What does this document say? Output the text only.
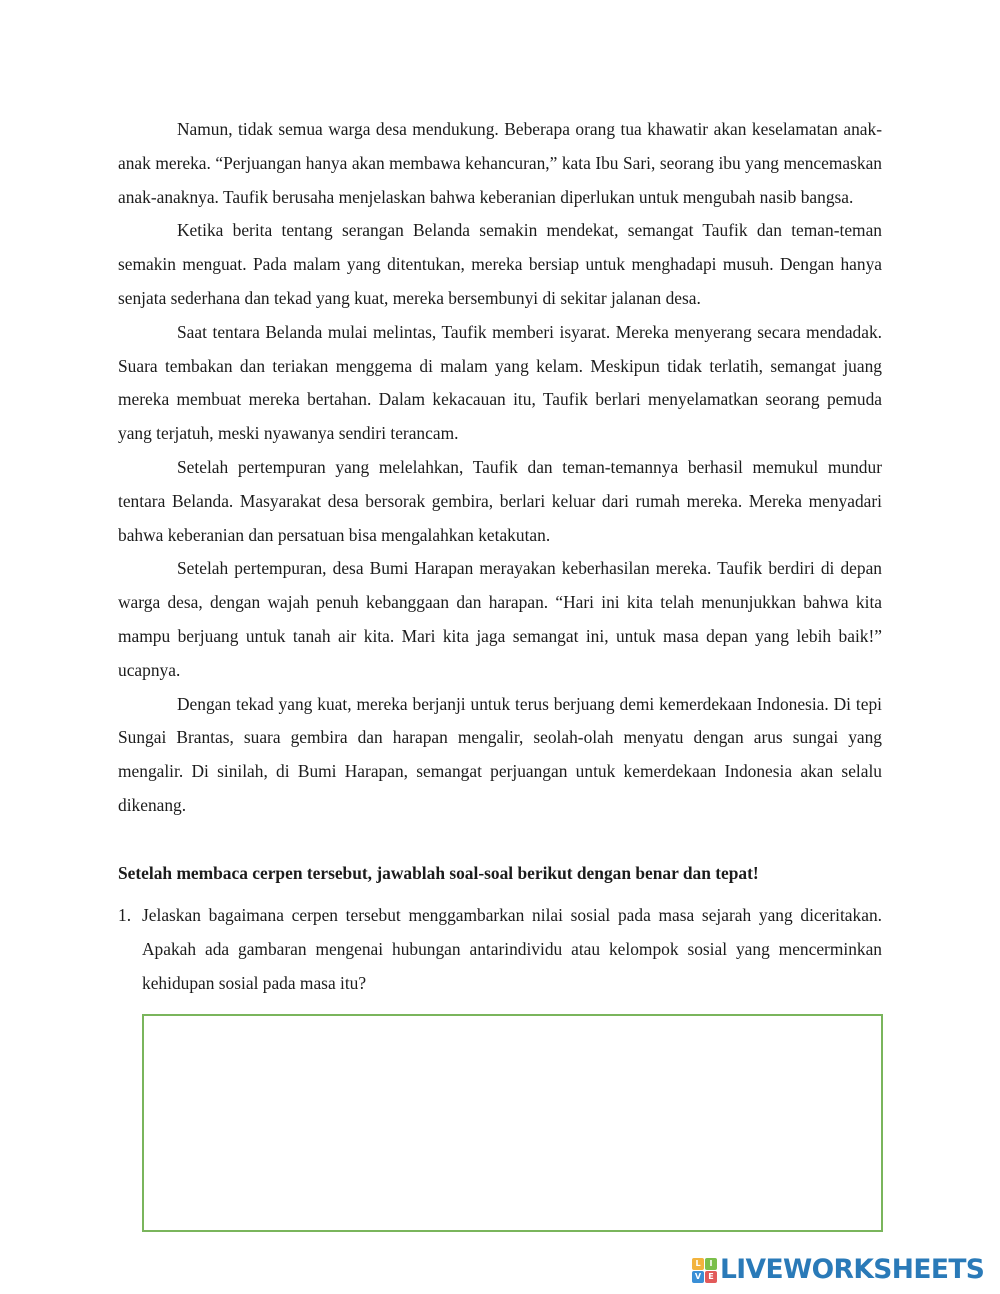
Namun, tidak semua warga desa mendukung. Beberapa orang tua khawatir akan keselamatan anak-anak mereka. “Perjuangan hanya akan membawa kehancuran,” kata Ibu Sari, seorang ibu yang mencemaskan anak-anaknya. Taufik berusaha menjelaskan bahwa keberanian diperlukan untuk mengubah nasib bangsa.

Ketika berita tentang serangan Belanda semakin mendekat, semangat Taufik dan teman-teman semakin menguat. Pada malam yang ditentukan, mereka bersiap untuk menghadapi musuh. Dengan hanya senjata sederhana dan tekad yang kuat, mereka bersembunyi di sekitar jalanan desa.

Saat tentara Belanda mulai melintas, Taufik memberi isyarat. Mereka menyerang secara mendadak. Suara tembakan dan teriakan menggema di malam yang kelam. Meskipun tidak terlatih, semangat juang mereka membuat mereka bertahan. Dalam kekacauan itu, Taufik berlari menyelamatkan seorang pemuda yang terjatuh, meski nyawanya sendiri terancam.

Setelah pertempuran yang melelahkan, Taufik dan teman-temannya berhasil memukul mundur tentara Belanda. Masyarakat desa bersorak gembira, berlari keluar dari rumah mereka. Mereka menyadari bahwa keberanian dan persatuan bisa mengalahkan ketakutan.

Setelah pertempuran, desa Bumi Harapan merayakan keberhasilan mereka. Taufik berdiri di depan warga desa, dengan wajah penuh kebanggaan dan harapan. “Hari ini kita telah menunjukkan bahwa kita mampu berjuang untuk tanah air kita. Mari kita jaga semangat ini, untuk masa depan yang lebih baik!” ucapnya.

Dengan tekad yang kuat, mereka berjanji untuk terus berjuang demi kemerdekaan Indonesia. Di tepi Sungai Brantas, suara gembira dan harapan mengalir, seolah-olah menyatu dengan arus sungai yang mengalir. Di sinilah, di Bumi Harapan, semangat perjuangan untuk kemerdekaan Indonesia akan selalu dikenang.

Setelah membaca cerpen tersebut, jawablah soal-soal berikut dengan benar dan tepat!

1. Jelaskan bagaimana cerpen tersebut menggambarkan nilai sosial pada masa sejarah yang diceritakan. Apakah ada gambaran mengenai hubungan antarindividu atau kelompok sosial yang mencerminkan kehidupan sosial pada masa itu?
L	I
V E LIVEWORKSHEETS
